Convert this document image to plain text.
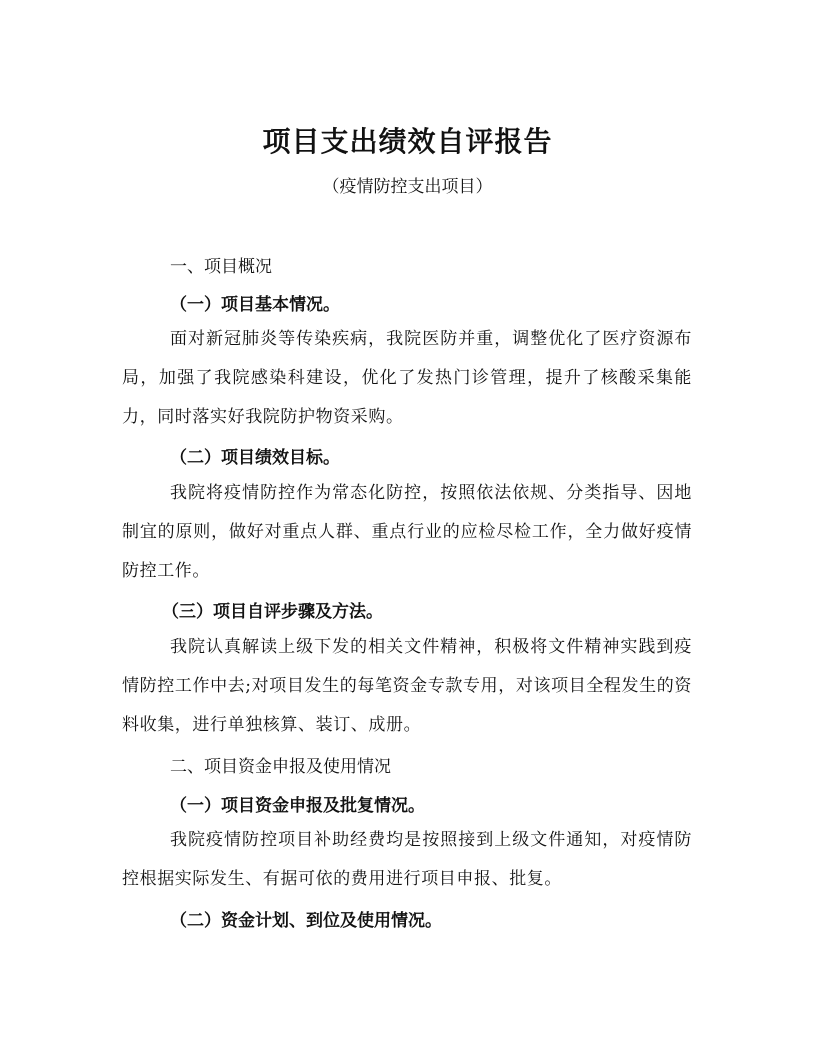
项目支出绩效自评报告

（疫情防控支出项目）

一、项目概况

（一）项目基本情况。

面对新冠肺炎等传染疾病，我院医防并重，调整优化了医疗资源布局，加强了我院感染科建设，优化了发热门诊管理，提升了核酸采集能力，同时落实好我院防护物资采购。

（二）项目绩效目标。

我院将疫情防控作为常态化防控，按照依法依规、分类指导、因地制宜的原则，做好对重点人群、重点行业的应检尽检工作，全力做好疫情防控工作。

（三）项目自评步骤及方法。

我院认真解读上级下发的相关文件精神，积极将文件精神实践到疫情防控工作中去;对项目发生的每笔资金专款专用，对该项目全程发生的资料收集，进行单独核算、装订、成册。

二、项目资金申报及使用情况

（一）项目资金申报及批复情况。

我院疫情防控项目补助经费均是按照接到上级文件通知，对疫情防控根据实际发生、有据可依的费用进行项目申报、批复。

（二）资金计划、到位及使用情况。
